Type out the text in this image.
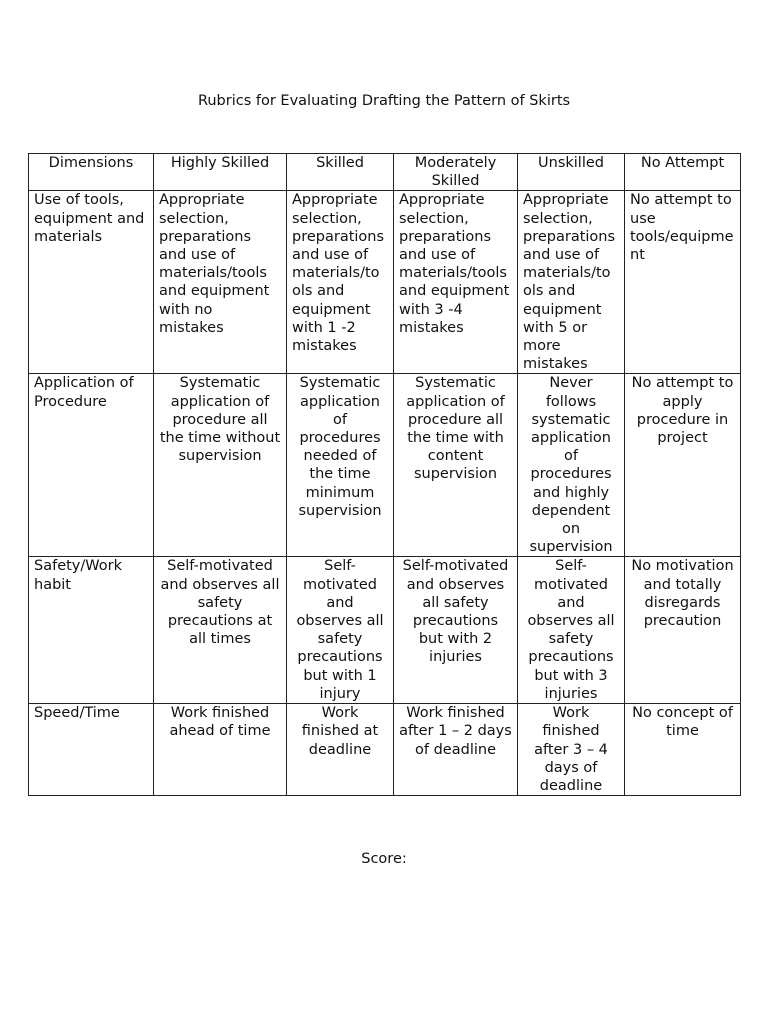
Rubrics for Evaluating Drafting the Pattern of Skirts
Dimensions	Highly Skilled	Skilled	Moderately Skilled	Unskilled	No Attempt
Use of tools, equipment and materials	Appropriate selection, preparations and use of materials/tools and equipment with no mistakes	Appropriate selection, preparations and use of materials/tools and equipment with 1 -2 mistakes	Appropriate selection, preparations and use of materials/tools and equipment with 3 -4 mistakes	Appropriate selection, preparations and use of materials/tools and equipment with 5 or more mistakes	No attempt to use tools/equipment
Application of Procedure	Systematic application of procedure all the time without supervision	Systematic application of procedures needed of the time minimum supervision	Systematic application of procedure all the time with content supervision	Never follows systematic application of procedures and highly dependent on supervision	No attempt to apply procedure in project
Safety/Work habit	Self-motivated and observes all safety precautions at all times	Self-motivated and observes all safety precautions but with 1 injury	Self-motivated and observes all safety precautions but with 2 injuries	Self-motivated and observes all safety precautions but with 3 injuries	No motivation and totally disregards precaution
Speed/Time	Work finished ahead of time	Work finished at deadline	Work finished after 1 – 2 days of deadline	Work finished after 3 – 4 days of deadline	No concept of time
Score:
